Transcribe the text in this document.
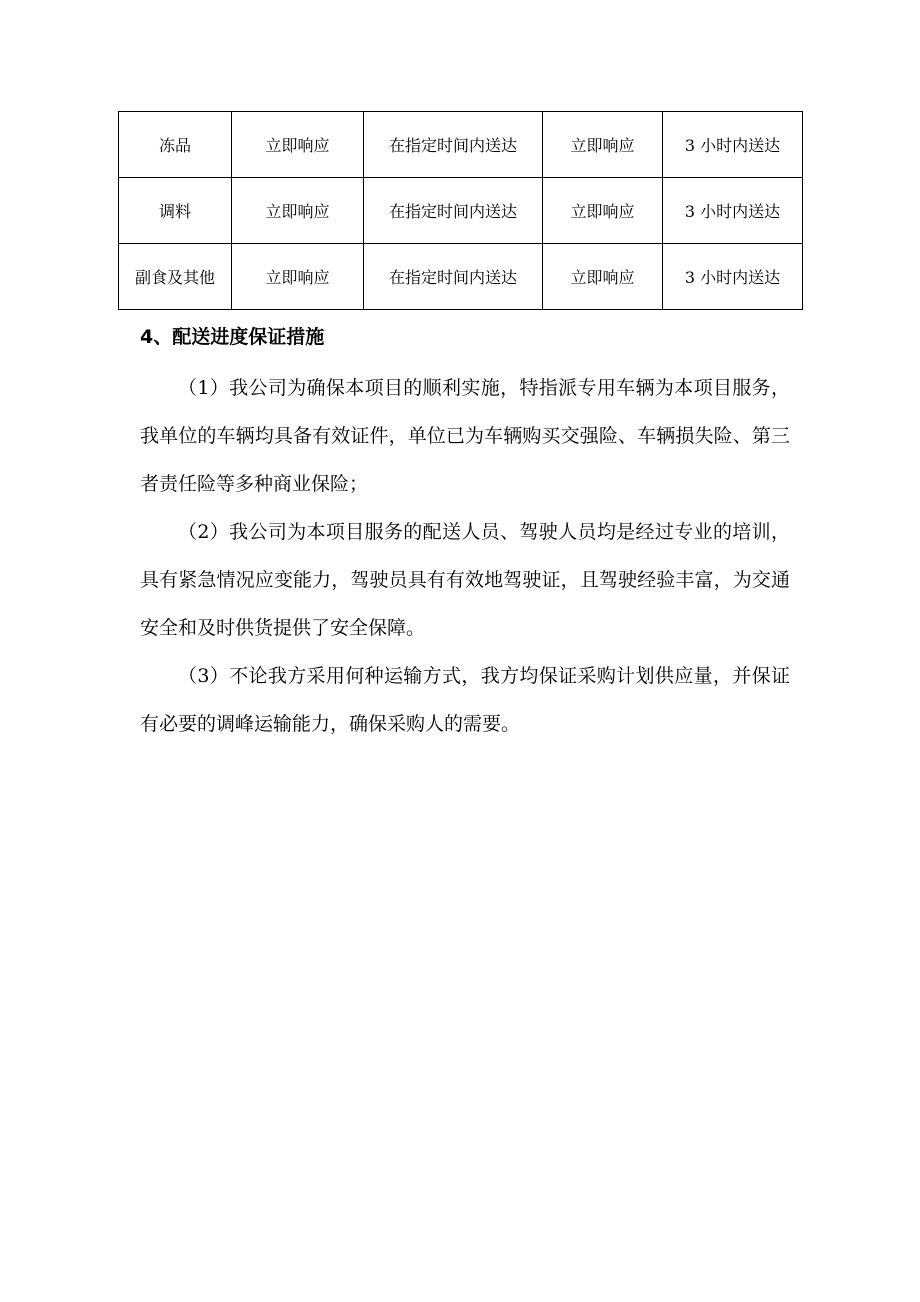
冻品	立即响应	在指定时间内送达	立即响应	3 小时内送达
调料	立即响应	在指定时间内送达	立即响应	3 小时内送达
副食及其他	立即响应	在指定时间内送达	立即响应	3 小时内送达
4、配送进度保证措施

（1）我公司为确保本项目的顺利实施，特指派专用车辆为本项目服务，我单位的车辆均具备有效证件，单位已为车辆购买交强险、车辆损失险、第三者责任险等多种商业保险；

（2）我公司为本项目服务的配送人员、驾驶人员均是经过专业的培训，具有紧急情况应变能力，驾驶员具有有效地驾驶证，且驾驶经验丰富，为交通安全和及时供货提供了安全保障。

（3）不论我方采用何种运输方式，我方均保证采购计划供应量，并保证有必要的调峰运输能力，确保采购人的需要。
